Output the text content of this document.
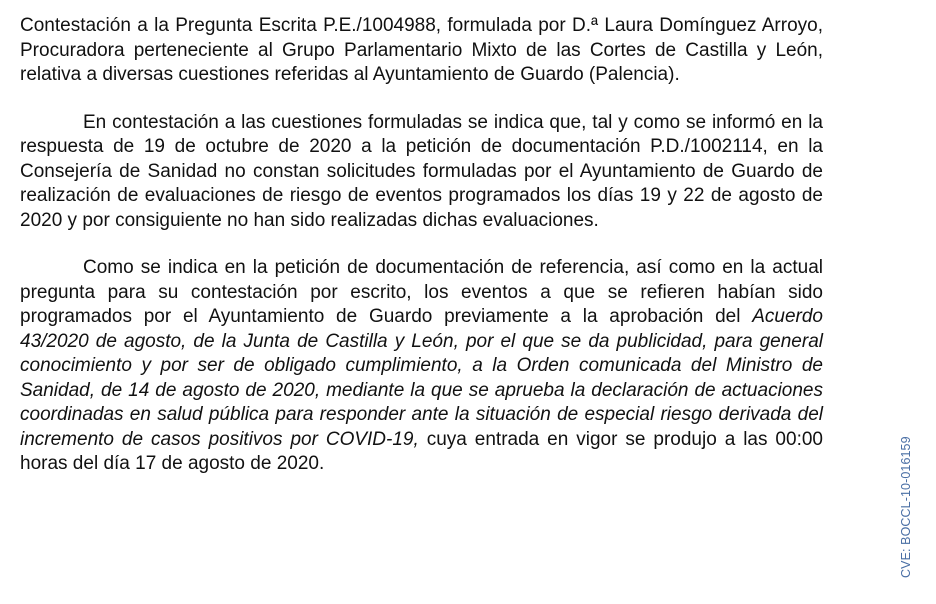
Contestación a la Pregunta Escrita P.E./1004988, formulada por D.ª Laura Domínguez Arroyo, Procuradora perteneciente al Grupo Parlamentario Mixto de las Cortes de Castilla y León, relativa a diversas cuestiones referidas al Ayuntamiento de Guardo (Palencia).

En contestación a las cuestiones formuladas se indica que, tal y como se informó en la respuesta de 19 de octubre de 2020 a la petición de documentación P.D./1002114, en la Consejería de Sanidad no constan solicitudes formuladas por el Ayuntamiento de Guardo de realización de evaluaciones de riesgo de eventos programados los días 19 y 22 de agosto de 2020 y por consiguiente no han sido realizadas dichas evaluaciones.

Como se indica en la petición de documentación de referencia, así como en la actual pregunta para su contestación por escrito, los eventos a que se refieren habían sido programados por el Ayuntamiento de Guardo previamente a la aprobación del Acuerdo 43/2020 de agosto, de la Junta de Castilla y León, por el que se da publicidad, para general conocimiento y por ser de obligado cumplimiento, a la Orden comunicada del Ministro de Sanidad, de 14 de agosto de 2020, mediante la que se aprueba la declaración de actuaciones coordinadas en salud pública para responder ante la situación de especial riesgo derivada del incremento de casos positivos por COVID-19, cuya entrada en vigor se produjo a las 00:00 horas del día 17 de agosto de 2020.	CVE: BOCCL-10-016159
